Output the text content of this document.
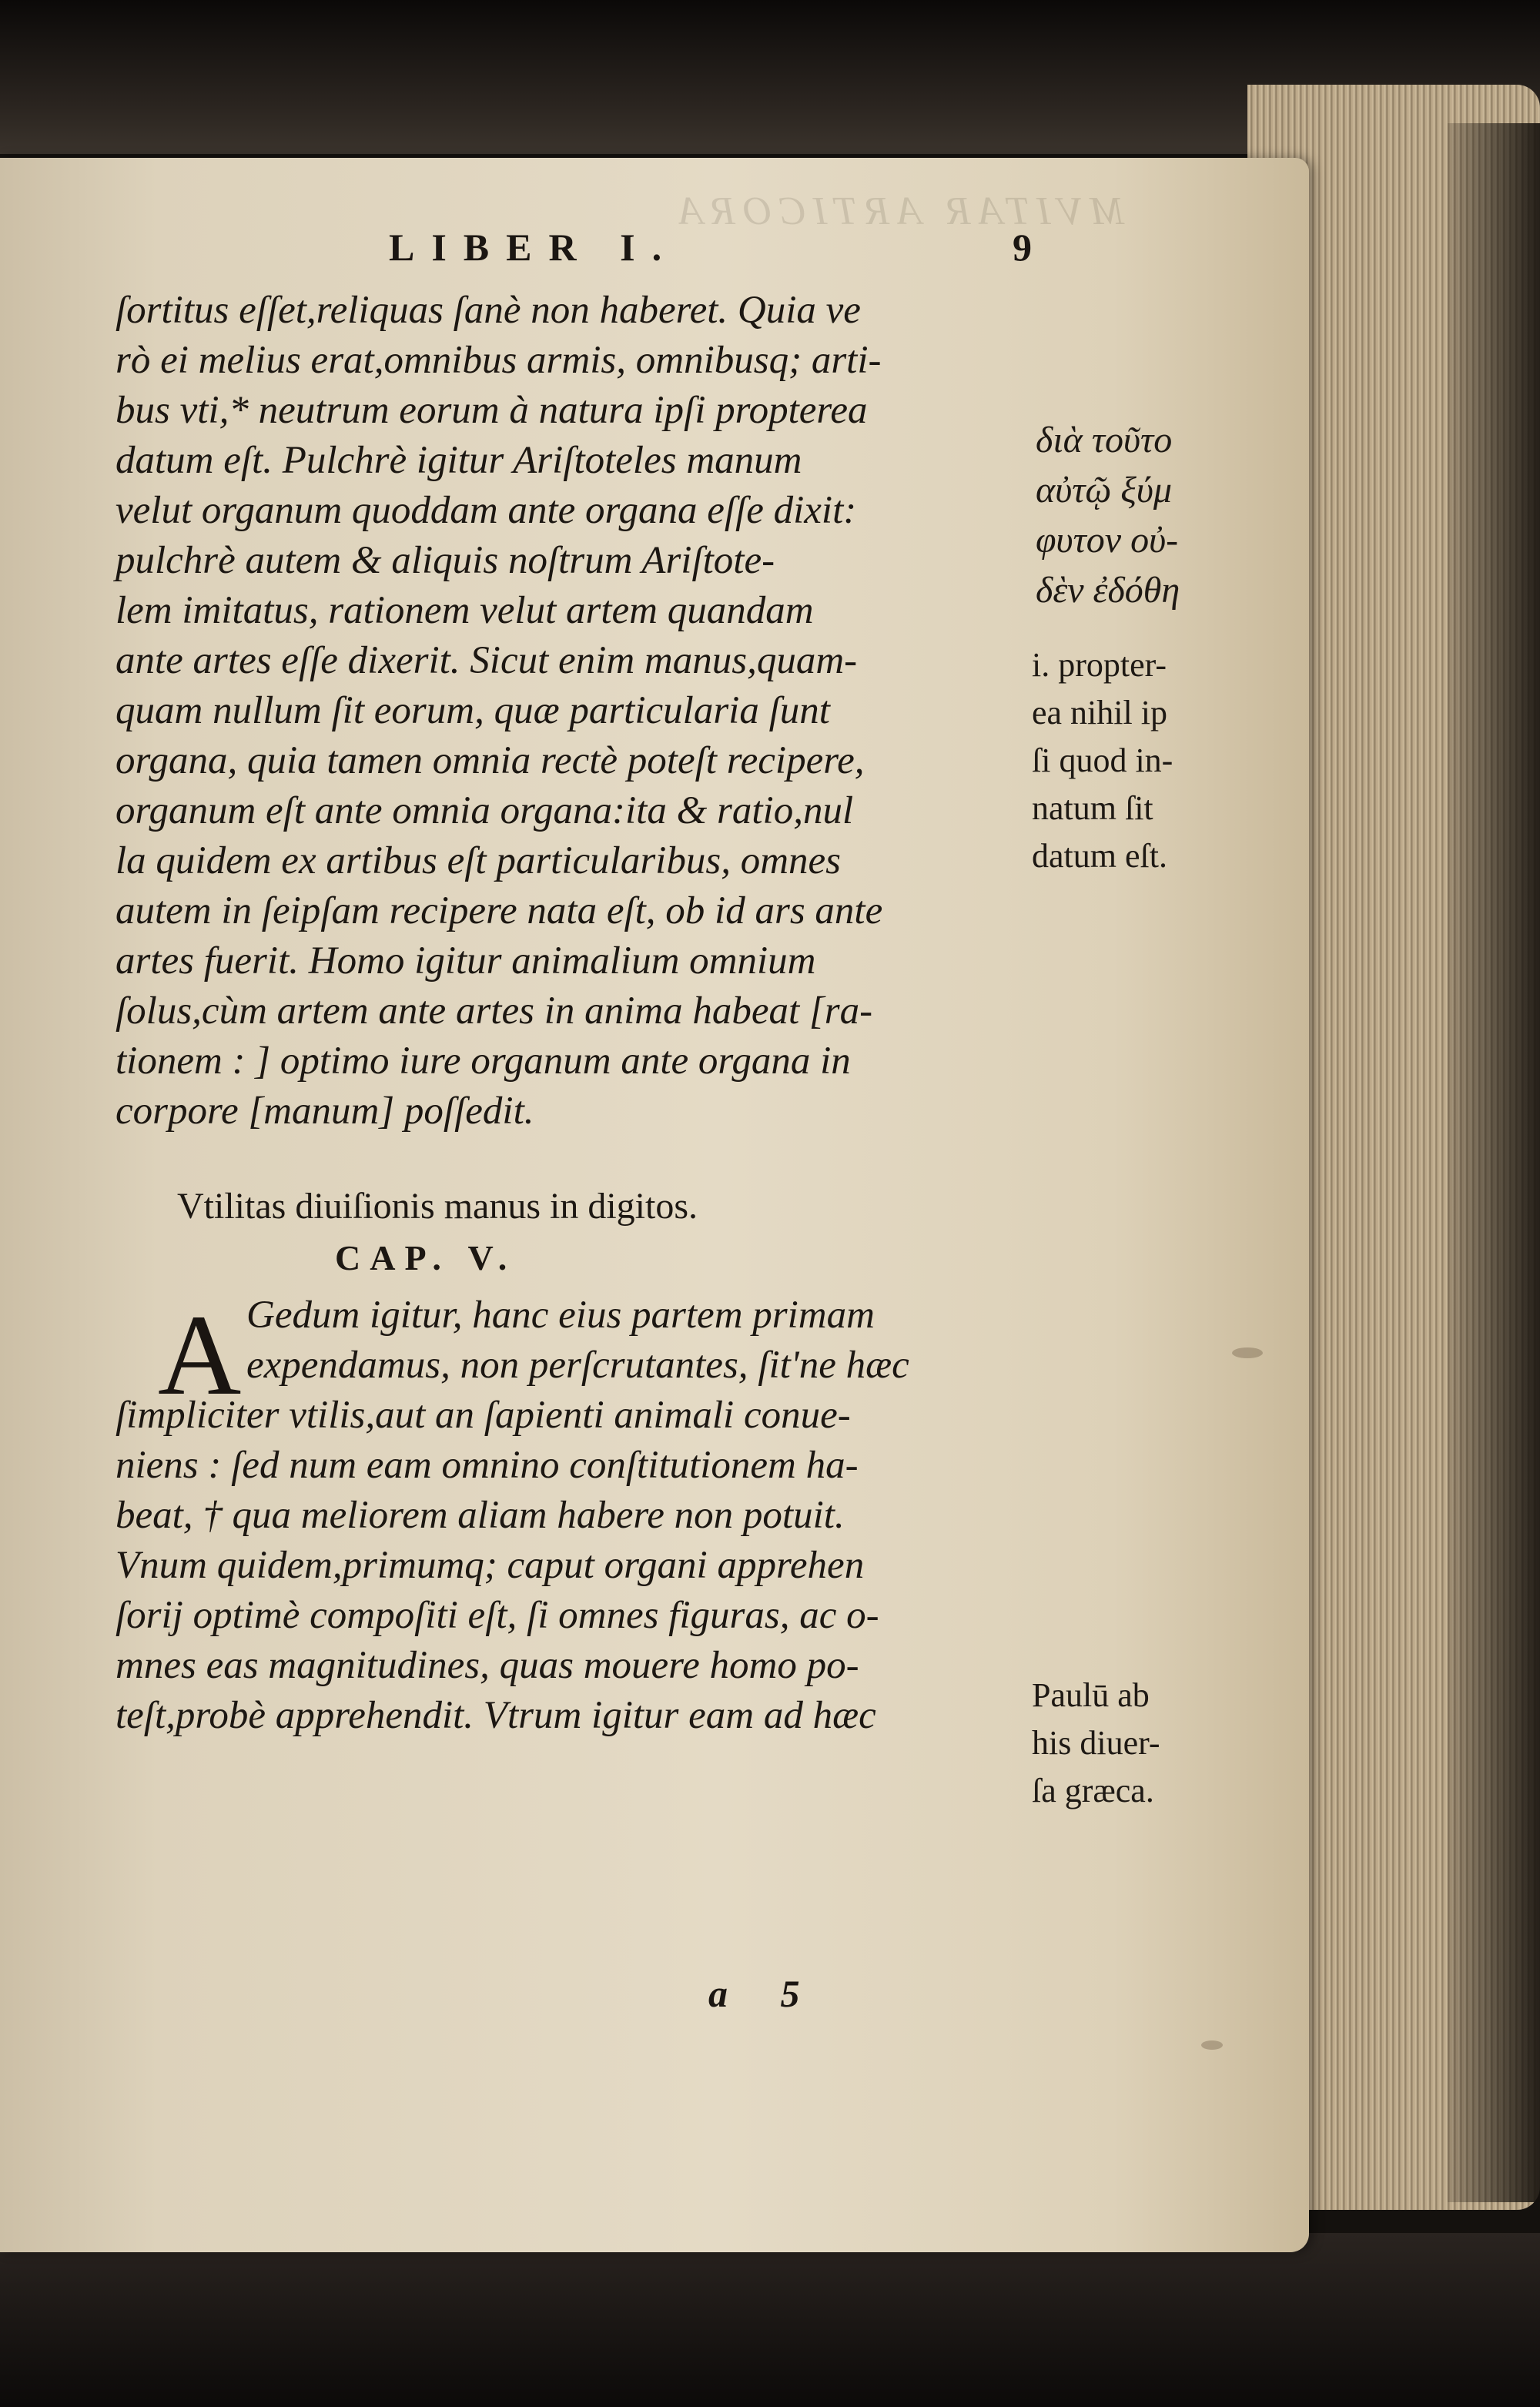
MVITAR ARTICORA
LIBER I.	9
ſortitus eſſet,reliquas ſanè non haberet. Quia ve
rò ei melius erat,omnibus armis, omnibusq; arti-
bus vti,* neutrum eorum à natura ipſi propterea
datum eſt. Pulchrè igitur Ariſtoteles manum
velut organum quoddam ante organa eſſe dixit:
pulchrè autem & aliquis noſtrum Ariſtote-
lem imitatus, rationem velut artem quandam
ante artes eſſe dixerit. Sicut enim manus,quam-
quam nullum ſit eorum, quæ particularia ſunt
organa, quia tamen omnia rectè poteſt recipere,
organum eſt ante omnia organa:ita & ratio,nul
la quidem ex artibus eſt particularibus, omnes
autem in ſeipſam recipere nata eſt, ob id ars ante
artes fuerit. Homo igitur animalium omnium
ſolus,cùm artem ante artes in anima habeat [ra-
tionem : ] optimo iure organum ante organa in
corpore [manum] poſſedit.
Vtilitas diuiſionis manus in digitos.
CAP. V.
A Gedum igitur, hanc eius partem primam
expendamus, non perſcrutantes, ſit'ne hæc
ſimpliciter vtilis,aut an ſapienti animali conue-
niens : ſed num eam omnino conſtitutionem ha-
beat, † qua meliorem aliam habere non potuit.
Vnum quidem,primumq; caput organi apprehen
ſorij optimè compoſiti eſt, ſi omnes figuras, ac o-
mnes eas magnitudines, quas mouere homo po-
teſt,probè apprehendit. Vtrum igitur eam ad hæc
διὰ τοῦτο
αὐτῷ ξύμ
φυτον οὐ-
δὲν ἐδόθη
i. propter-
ea nihil ip
ſi quod in-
natum ſit
datum eſt.
Paulū ab
his diuer-
ſa græca.
a 5
